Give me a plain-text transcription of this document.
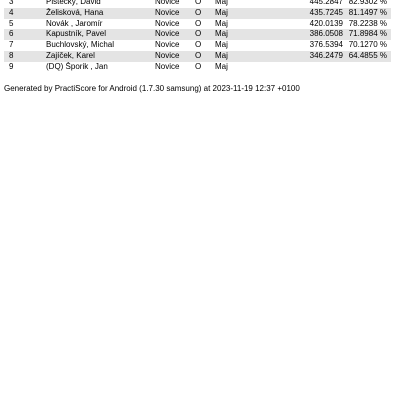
3	Pištěcký, David	Novice	O	Maj	445.2847	82.9302 %
4	Želisková, Hana	Novice	O	Maj	435.7245	81.1497 %
5	Novák , Jaromír	Novice	O	Maj	420.0139	78.2238 %
6	Kapustník, Pavel	Novice	O	Maj	386.0508	71.8984 %
7	Buchlovský, Michal	Novice	O	Maj	376.5394	70.1270 %
8	Zajíček, Karel	Novice	O	Maj	346.2479	64.4855 %
9	(DQ) Šporik , Jan	Novice	O	Maj		
Generated by PractiScore for Android (1.7.30 samsung) at 2023-11-19 12:37 +0100
